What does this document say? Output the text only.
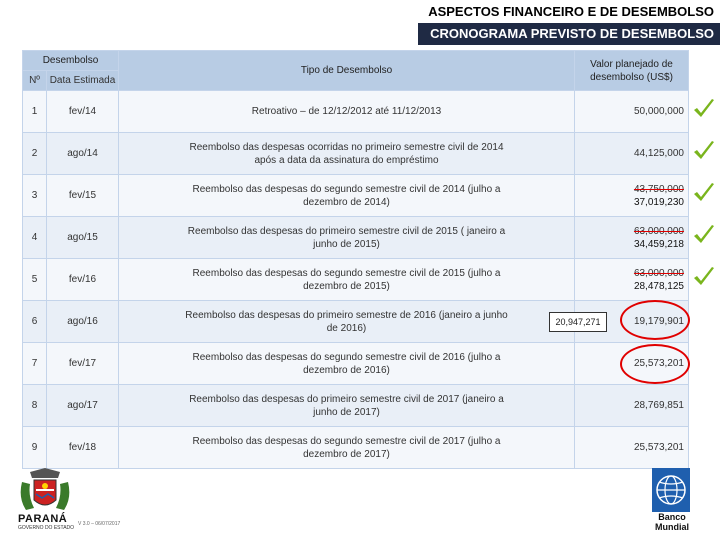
ASPECTOS FINANCEIRO E DE DESEMBOLSO
CRONOGRAMA PREVISTO DE DESEMBOLSO
Desembolso		Tipo de Desembolso	Valor planejado de desembolso (US$)
Nº	Data Estimada		
1	fev/14	Retroativo – de 12/12/2012 até 11/12/2013	50,000,000

2	ago/14	Reembolso das despesas ocorridas no primeiro semestre civil de 2014 após a data da assinatura do empréstimo	44,125,000

3	fev/15	Reembolso das despesas do segundo semestre civil de 2014 (julho a dezembro de 2014)	43,750,000
37,019,230

4	ago/15	Reembolso das despesas do primeiro semestre civil de 2015 ( janeiro a junho de 2015)	63,000,000
34,459,218

5	fev/16	Reembolso das despesas do segundo semestre civil de 2015 (julho a dezembro de 2015)	63,000,000
28,478,125

6	ago/16	Reembolso das despesas do primeiro semestre de 2016 (janeiro a junho de 2016)	19,179,901

7	fev/17	Reembolso das despesas do segundo semestre civil de 2016 (julho a dezembro de 2016)	25,573,201

8	ago/17	Reembolso das despesas do primeiro semestre civil de 2017 (janeiro a junho de 2017)	28,769,851

9	fev/18	Reembolso das despesas do segundo semestre civil de 2017 (julho a dezembro de 2017)	25,573,201
20,947,271
PARANÁ
GOVERNO DO ESTADO
V 3.0 – 06/07/2017
Banco
Mundial
